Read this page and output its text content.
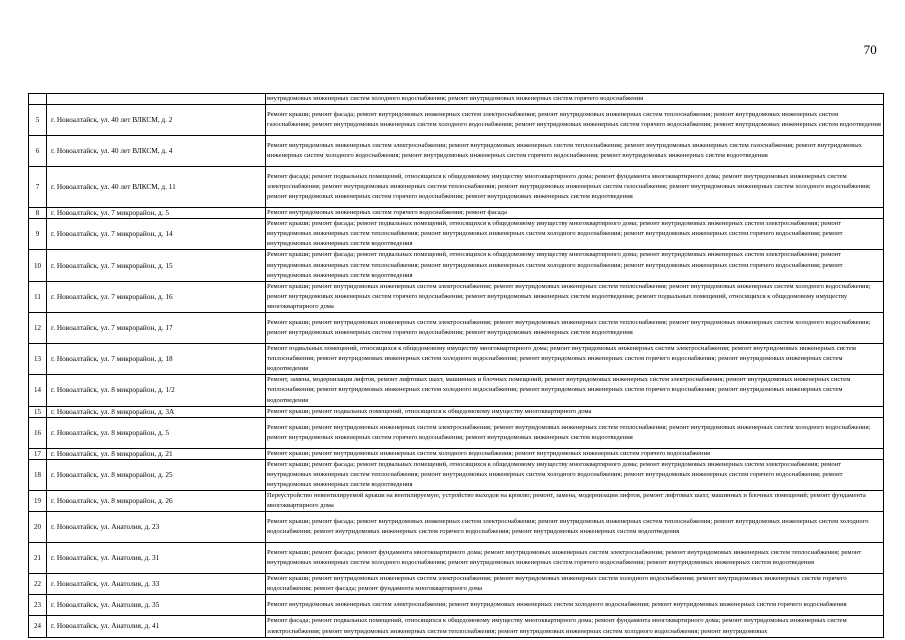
70
		внутридомовых инженерных систем холодного водоснабжения; ремонт внутридомовых инженерных систем горячего водоснабжения
5	г. Новоалтайск, ул. 40 лет ВЛКСМ, д. 2	Ремонт крыши; ремонт фасада; ремонт внутридомовых инженерных систем электроснабжения; ремонт внутридомовых инженерных систем теплоснабжения; ремонт внутридомовых инженерных систем газоснабжения; ремонт внутридомовых инженерных систем холодного водоснабжения; ремонт внутридомовых инженерных систем горячего водоснабжения; ремонт внутридомовых инженерных систем водоотведения
6	г. Новоалтайск, ул. 40 лет ВЛКСМ, д. 4	Ремонт внутридомовых инженерных систем электроснабжения; ремонт внутридомовых инженерных систем теплоснабжения; ремонт внутридомовых инженерных систем газоснабжения; ремонт внутридомовых инженерных систем холодного водоснабжения; ремонт внутридомовых инженерных систем горячего водоснабжения; ремонт внутридомовых инженерных систем водоотведения
7	г. Новоалтайск, ул. 40 лет ВЛКСМ, д. 11	Ремонт фасада; ремонт подвальных помещений, относящихся к общедомовому имуществу многоквартирного дома; ремонт фундамента многоквартирного дома; ремонт внутридомовых инженерных систем электроснабжения; ремонт внутридомовых инженерных систем теплоснабжения; ремонт внутридомовых инженерных систем газоснабжения; ремонт внутридомовых инженерных систем холодного водоснабжения; ремонт внутридомовых инженерных систем горячего водоснабжения; ремонт внутридомовых инженерных систем водоотведения
8	г. Новоалтайск, ул. 7 микрорайон, д. 5	Ремонт внутридомовых инженерных систем горячего водоснабжения; ремонт фасада
9	г. Новоалтайск, ул. 7 микрорайон, д. 14	Ремонт крыши; ремонт фасада; ремонт подвальных помещений, относящихся к общедомовому имуществу многоквартирного дома; ремонт внутридомовых инженерных систем электроснабжения; ремонт внутридомовых инженерных систем теплоснабжения; ремонт внутридомовых инженерных систем холодного водоснабжения; ремонт внутридомовых инженерных систем горячего водоснабжения; ремонт внутридомовых инженерных систем водоотведения
10	г. Новоалтайск, ул. 7 микрорайон, д. 15	Ремонт крыши; ремонт фасада; ремонт подвальных помещений, относящихся к общедомовому имуществу многоквартирного дома; ремонт внутридомовых инженерных систем электроснабжения; ремонт внутридомовых инженерных систем теплоснабжения; ремонт внутридомовых инженерных систем холодного водоснабжения; ремонт внутридомовых инженерных систем горячего водоснабжения; ремонт внутридомовых инженерных систем водоотведения
11	г. Новоалтайск, ул. 7 микрорайон, д. 16	Ремонт крыши; ремонт внутридомовых инженерных систем электроснабжения; ремонт внутридомовых инженерных систем теплоснабжения; ремонт внутридомовых инженерных систем холодного водоснабжения; ремонт внутридомовых инженерных систем горячего водоснабжения; ремонт внутридомовых инженерных систем водоотведения; ремонт подвальных помещений, относящихся к общедомовому имуществу многоквартирного дома
12	г. Новоалтайск, ул. 7 микрорайон, д. 17	Ремонт крыши; ремонт внутридомовых инженерных систем электроснабжения; ремонт внутридомовых инженерных систем теплоснабжения; ремонт внутридомовых инженерных систем холодного водоснабжения; ремонт внутридомовых инженерных систем горячего водоснабжения; ремонт внутридомовых инженерных систем водоотведения
13	г. Новоалтайск, ул. 7 микрорайон, д. 18	Ремонт подвальных помещений, относящихся к общедомовому имуществу многоквартирного дома; ремонт внутридомовых инженерных систем электроснабжения; ремонт внутридомовых инженерных систем теплоснабжения; ремонт внутридомовых инженерных систем холодного водоснабжения; ремонт внутридомовых инженерных систем горячего водоснабжения; ремонт внутридомовых инженерных систем водоотведения
14	г. Новоалтайск, ул. 8 микрорайон, д. 1/2	Ремонт, замена, модернизация лифтов, ремонт лифтовых шахт, машинных и блочных помещений; ремонт внутридомовых инженерных систем электроснабжения; ремонт внутридомовых инженерных систем теплоснабжения; ремонт внутридомовых инженерных систем холодного водоснабжения; ремонт внутридомовых инженерных систем горячего водоснабжения; ремонт внутридомовых инженерных систем водоотведения
15	г. Новоалтайск, ул. 8 микрорайон, д. 3А	Ремонт крыши; ремонт подвальных помещений, относящихся к общедомовому имуществу многоквартирного дома
16	г. Новоалтайск, ул. 8 микрорайон, д. 5	Ремонт крыши; ремонт внутридомовых инженерных систем электроснабжения; ремонт внутридомовых инженерных систем теплоснабжения; ремонт внутридомовых инженерных систем холодного водоснабжения; ремонт внутридомовых инженерных систем горячего водоснабжения; ремонт внутридомовых инженерных систем водоотведения
17	г. Новоалтайск, ул. 8 микрорайон, д. 21	Ремонт крыши; ремонт внутридомовых инженерных систем холодного водоснабжения; ремонт внутридомовых инженерных систем горячего водоснабжения
18	г. Новоалтайск, ул. 8 микрорайон, д. 25	Ремонт крыши; ремонт фасада; ремонт подвальных помещений, относящихся к общедомовому имуществу многоквартирного дома; ремонт внутридомовых инженерных систем электроснабжения; ремонт внутридомовых инженерных систем теплоснабжения; ремонт внутридомовых инженерных систем холодного водоснабжения; ремонт внутридомовых инженерных систем горячего водоснабжения; ремонт внутридомовых инженерных систем водоотведения
19	г. Новоалтайск, ул. 8 микрорайон, д. 26	Переустройство невентилируемой крыши на вентилируемую, устройство выходов на кровлю; ремонт, замена, модернизация лифтов, ремонт лифтовых шахт, машинных и блочных помещений; ремонт фундамента многоквартирного дома
20	г. Новоалтайск, ул. Анатолия, д. 23	Ремонт крыши; ремонт фасада; ремонт внутридомовых инженерных систем электроснабжения; ремонт внутридомовых инженерных систем теплоснабжения; ремонт внутридомовых инженерных систем холодного водоснабжения; ремонт внутридомовых инженерных систем горячего водоснабжения; ремонт внутридомовых инженерных систем водоотведения
21	г. Новоалтайск, ул. Анатолия, д. 31	Ремонт крыши; ремонт фасада; ремонт фундамента многоквартирного дома; ремонт внутридомовых инженерных систем электроснабжения; ремонт внутридомовых инженерных систем теплоснабжения; ремонт внутридомовых инженерных систем холодного водоснабжения; ремонт внутридомовых инженерных систем горячего водоснабжения; ремонт внутридомовых инженерных систем водоотведения
22	г. Новоалтайск, ул. Анатолия, д. 33	Ремонт крыши; ремонт внутридомовых инженерных систем электроснабжения; ремонт внутридомовых инженерных систем холодного водоснабжения; ремонт внутридомовых инженерных систем горячего водоснабжения; ремонт фасада; ремонт фундамента многоквартирного дома
23	г. Новоалтайск, ул. Анатолия, д. 35	Ремонт внутридомовых инженерных систем электроснабжения; ремонт внутридомовых инженерных систем холодного водоснабжения; ремонт внутридомовых инженерных систем горячего водоснабжения
24	г. Новоалтайск, ул. Анатолия, д. 41	Ремонт фасада; ремонт подвальных помещений, относящихся к общедомовому имуществу многоквартирного дома; ремонт фундамента многоквартирного дома; ремонт внутридомовых инженерных систем электроснабжения; ремонт внутридомовых инженерных систем теплоснабжения; ремонт внутридомовых инженерных систем холодного водоснабжения; ремонт внутридомовых
